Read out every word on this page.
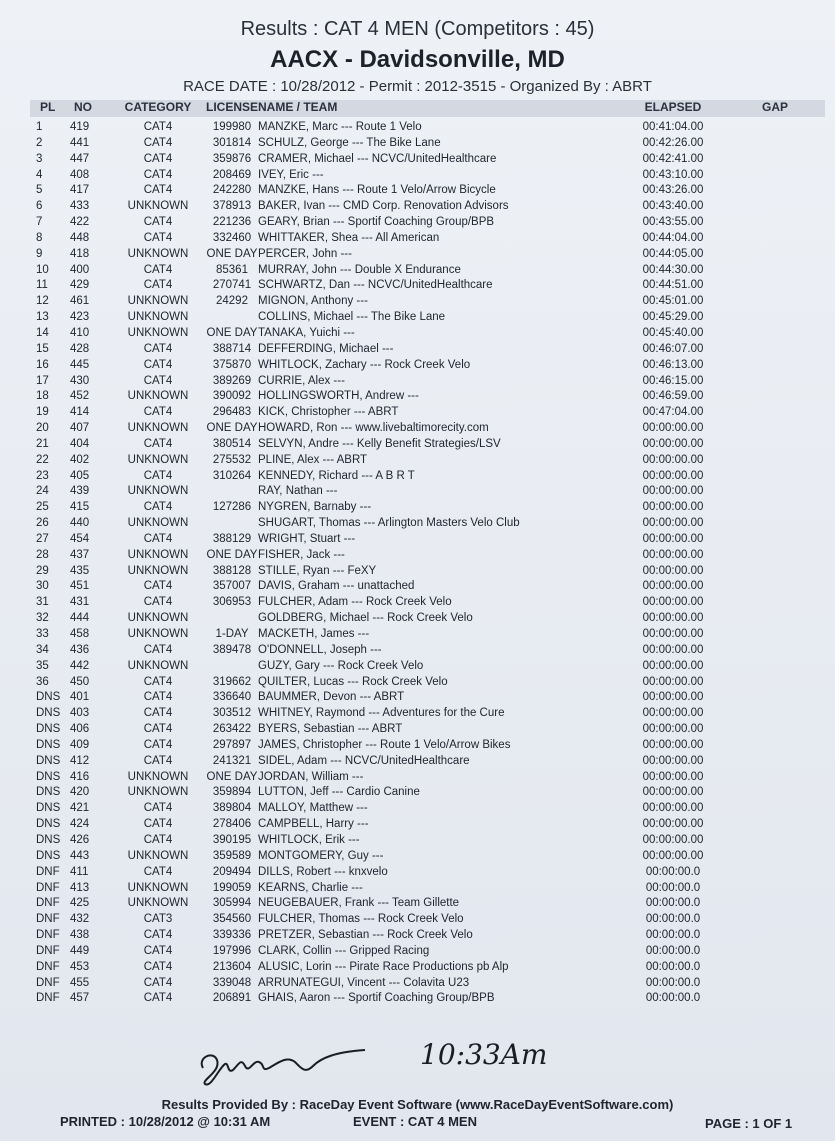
Results : CAT 4 MEN (Competitors : 45)
AACX - Davidsonville, MD
RACE DATE : 10/28/2012 - Permit : 2012-3515 - Organized By : ABRT
PL	NO	CATEGORY	LICENSE NAME / TEAM	ELAPSED	GAP
1	419	CAT4	199980 MANZKE, Marc --- Route 1 Velo	00:41:04.00
2	441	CAT4	301814 SCHULZ, George --- The Bike Lane	00:42:26.00
3	447	CAT4	359876 CRAMER, Michael --- NCVC/UnitedHealthcare	00:42:41.00
4	408	CAT4	208469 IVEY, Eric ---	00:43:10.00
5	417	CAT4	242280 MANZKE, Hans --- Route 1 Velo/Arrow Bicycle	00:43:26.00
6	433	UNKNOWN	378913 BAKER, Ivan --- CMD Corp. Renovation Advisors	00:43:40.00
7	422	CAT4	221236 GEARY, Brian --- Sportif Coaching Group/BPB	00:43:55.00
8	448	CAT4	332460 WHITTAKER, Shea --- All American	00:44:04.00
9	418	UNKNOWN	ONE DAY PERCER, John ---	00:44:05.00
10	400	CAT4	85361 MURRAY, John --- Double X Endurance	00:44:30.00
11	429	CAT4	270741 SCHWARTZ, Dan --- NCVC/UnitedHealthcare	00:44:51.00
12	461	UNKNOWN	24292 MIGNON, Anthony ---	00:45:01.00
13	423	UNKNOWN	COLLINS, Michael --- The Bike Lane	00:45:29.00
14	410	UNKNOWN	ONE DAY TANAKA, Yuichi ---	00:45:40.00
15	428	CAT4	388714 DEFFERDING, Michael ---	00:46:07.00
16	445	CAT4	375870 WHITLOCK, Zachary --- Rock Creek Velo	00:46:13.00
17	430	CAT4	389269 CURRIE, Alex ---	00:46:15.00
18	452	UNKNOWN	390092 HOLLINGSWORTH, Andrew ---	00:46:59.00
19	414	CAT4	296483 KICK, Christopher --- ABRT	00:47:04.00
20	407	UNKNOWN	ONE DAY HOWARD, Ron --- www.livebaltimorecity.com	00:00:00.00
21	404	CAT4	380514 SELVYN, Andre --- Kelly Benefit Strategies/LSV	00:00:00.00
22	402	UNKNOWN	275532 PLINE, Alex --- ABRT	00:00:00.00
23	405	CAT4	310264 KENNEDY, Richard --- A B R T	00:00:00.00
24	439	UNKNOWN	RAY, Nathan ---	00:00:00.00
25	415	CAT4	127286 NYGREN, Barnaby ---	00:00:00.00
26	440	UNKNOWN	SHUGART, Thomas --- Arlington Masters Velo Club	00:00:00.00
27	454	CAT4	388129 WRIGHT, Stuart ---	00:00:00.00
28	437	UNKNOWN	ONE DAY FISHER, Jack ---	00:00:00.00
29	435	UNKNOWN	388128 STILLE, Ryan --- FeXY	00:00:00.00
30	451	CAT4	357007 DAVIS, Graham --- unattached	00:00:00.00
31	431	CAT4	306953 FULCHER, Adam --- Rock Creek Velo	00:00:00.00
32	444	UNKNOWN	GOLDBERG, Michael --- Rock Creek Velo	00:00:00.00
33	458	UNKNOWN	1-DAY MACKETH, James ---	00:00:00.00
34	436	CAT4	389478 O'DONNELL, Joseph ---	00:00:00.00
35	442	UNKNOWN	GUZY, Gary --- Rock Creek Velo	00:00:00.00
36	450	CAT4	319662 QUILTER, Lucas --- Rock Creek Velo	00:00:00.00
DNS 401	CAT4	336640 BAUMMER, Devon --- ABRT	00:00:00.00
DNS 403	CAT4	303512 WHITNEY, Raymond --- Adventures for the Cure	00:00:00.00
DNS 406	CAT4	263422 BYERS, Sebastian --- ABRT	00:00:00.00
DNS 409	CAT4	297897 JAMES, Christopher --- Route 1 Velo/Arrow Bikes	00:00:00.00
DNS 412	CAT4	241321 SIDEL, Adam --- NCVC/UnitedHealthcare	00:00:00.00
DNS 416	UNKNOWN	ONE DAY JORDAN, William ---	00:00:00.00
DNS 420	UNKNOWN	359894 LUTTON, Jeff --- Cardio Canine	00:00:00.00
DNS 421	CAT4	389804 MALLOY, Matthew ---	00:00:00.00
DNS 424	CAT4	278406 CAMPBELL, Harry ---	00:00:00.00
DNS 426	CAT4	390195 WHITLOCK, Erik ---	00:00:00.00
DNS 443	UNKNOWN	359589 MONTGOMERY, Guy ---	00:00:00.00
DNF 411	CAT4	209494 DILLS, Robert --- knxvelo	00:00:00.0
DNF 413	UNKNOWN	199059 KEARNS, Charlie ---	00:00:00.0
DNF 425	UNKNOWN	305994 NEUGEBAUER, Frank --- Team Gillette	00:00:00.0
DNF 432	CAT3	354560 FULCHER, Thomas --- Rock Creek Velo	00:00:00.0
DNF 438	CAT4	339336 PRETZER, Sebastian --- Rock Creek Velo	00:00:00.0
DNF 449	CAT4	197996 CLARK, Collin --- Gripped Racing	00:00:00.0
DNF 453	CAT4	213604 ALUSIC, Lorin --- Pirate Race Productions pb Alp	00:00:00.0
DNF 455	CAT4	339048 ARRUNATEGUI, Vincent --- Colavita U23	00:00:00.0
DNF 457	CAT4	206891 GHAIS, Aaron --- Sportif Coaching Group/BPB	00:00:00.0
10:33Am
Results Provided By : RaceDay Event Software (www.RaceDayEventSoftware.com)
PRINTED : 10/28/2012 @ 10:31 AM	EVENT : CAT 4 MEN	PAGE : 1 OF 1
